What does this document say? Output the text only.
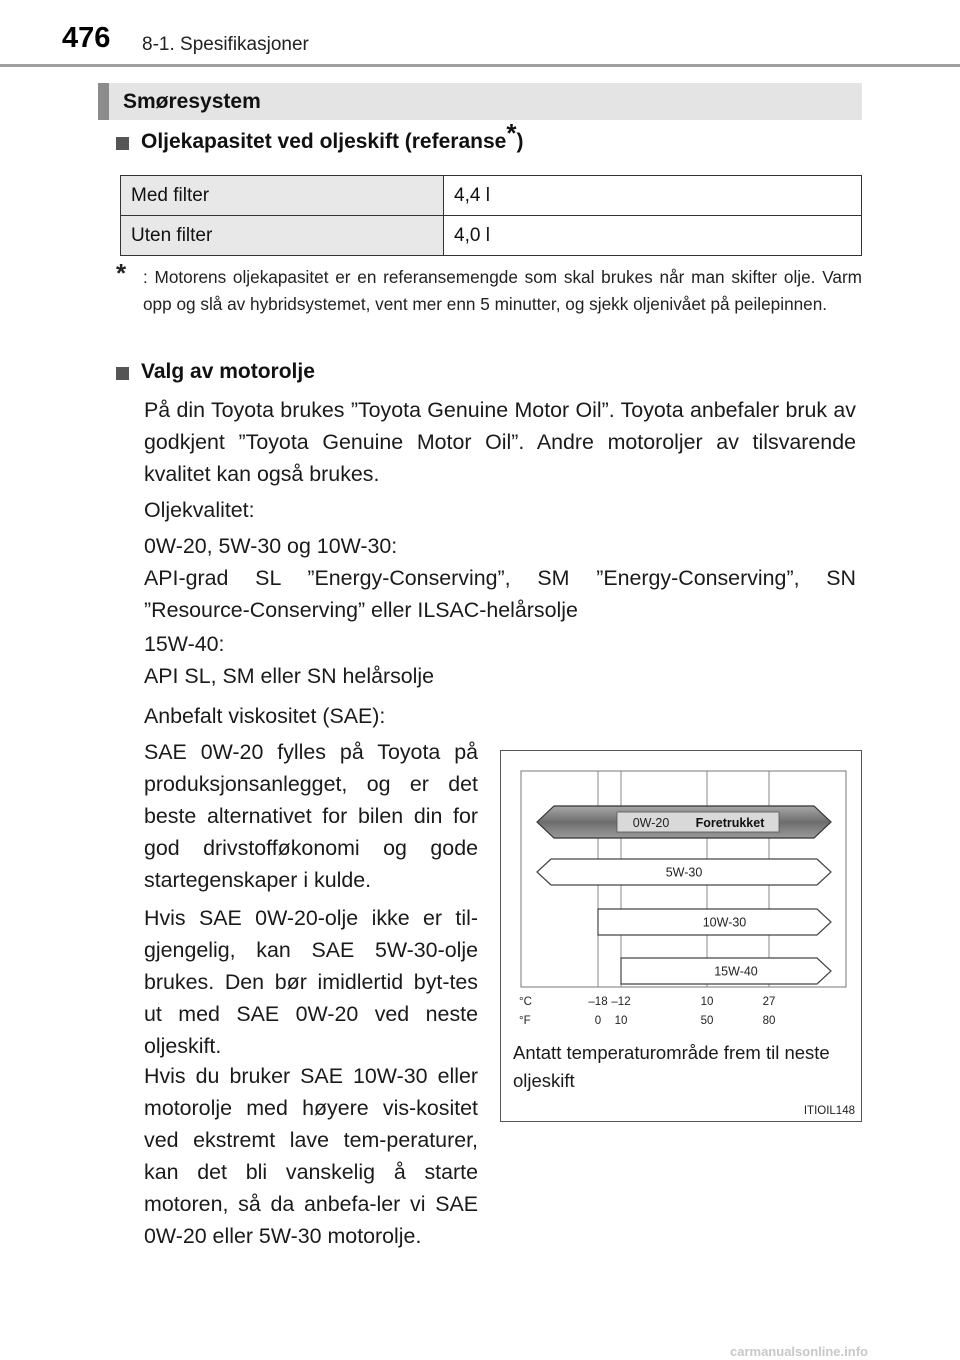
476 8-1. Spesifikasjoner
Smøresystem
Oljekapasitet ved oljeskift (referanse*)
Med filter	4,4 l
Uten filter	4,0 l
* : Motorens oljekapasitet er en referansemengde som skal brukes når man skifter olje. Varm opp og slå av hybridsystemet, vent mer enn 5 minutter, og sjekk oljenivået på peilepinnen.
Valg av motorolje
På din Toyota brukes ”Toyota Genuine Motor Oil”. Toyota anbefaler bruk av godkjent ”Toyota Genuine Motor Oil”. Andre motoroljer av tilsvarende kvalitet kan også brukes.
Oljekvalitet:
0W-20, 5W-30 og 10W-30:
API-grad SL ”Energy-Conserving”, SM ”Energy-Conserving”, SN ”Resource-Conserving” eller ILSAC-helårsolje
15W-40:
API SL, SM eller SN helårsolje
Anbefalt viskositet (SAE):
SAE 0W-20 fylles på Toyota på produksjonsanlegget, og er det beste alternativet for bilen din for god drivstofføkonomi og gode startegenskaper i kulde.
Hvis SAE 0W-20-olje ikke er til-gjengelig, kan SAE 5W-30-olje brukes. Den bør imidlertid byt-tes ut med SAE 0W-20 ved neste oljeskift.
Hvis du bruker SAE 10W-30 eller motorolje med høyere vis-kositet ved ekstremt lave tem-peraturer, kan det bli vanskelig å starte motoren, så da anbefa-ler vi SAE 0W-20 eller 5W-30 motorolje.
0W-20 Foretrukket
5W-30
10W-30
15W-40
°C
°F
–18 –12	10	27
0 10	50	80
Antatt temperaturområde frem til neste oljeskift
ITIOIL148
carmanualsonline.info
